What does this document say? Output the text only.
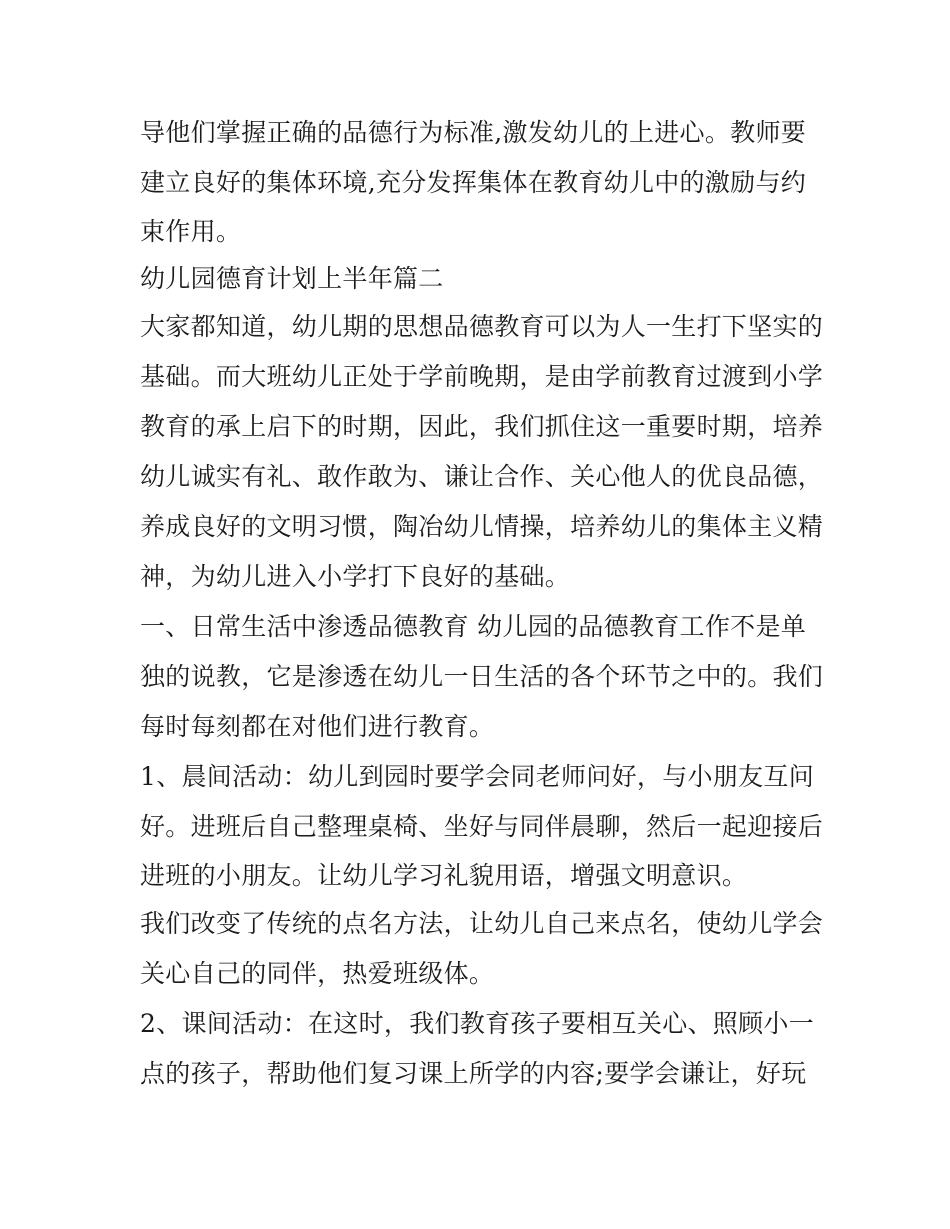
导他们掌握正确的品德行为标准,激发幼儿的上进心。教师要
建立良好的集体环境,充分发挥集体在教育幼儿中的激励与约
束作用。
幼儿园德育计划上半年篇二
大家都知道，幼儿期的思想品德教育可以为人一生打下坚实的
基础。而大班幼儿正处于学前晚期，是由学前教育过渡到小学
教育的承上启下的时期，因此，我们抓住这一重要时期，培养
幼儿诚实有礼、敢作敢为、谦让合作、关心他人的优良品德，
养成良好的文明习惯，陶冶幼儿情操，培养幼儿的集体主义精
神，为幼儿进入小学打下良好的基础。
一、日常生活中渗透品德教育 幼儿园的品德教育工作不是单
独的说教，它是渗透在幼儿一日生活的各个环节之中的。我们
每时每刻都在对他们进行教育。
1、晨间活动：幼儿到园时要学会同老师问好，与小朋友互问
好。进班后自己整理桌椅、坐好与同伴晨聊，然后一起迎接后
进班的小朋友。让幼儿学习礼貌用语，增强文明意识。
我们改变了传统的点名方法，让幼儿自己来点名，使幼儿学会
关心自己的同伴，热爱班级体。
2、课间活动：在这时，我们教育孩子要相互关心、照顾小一
点的孩子，帮助他们复习课上所学的内容;要学会谦让，好玩
